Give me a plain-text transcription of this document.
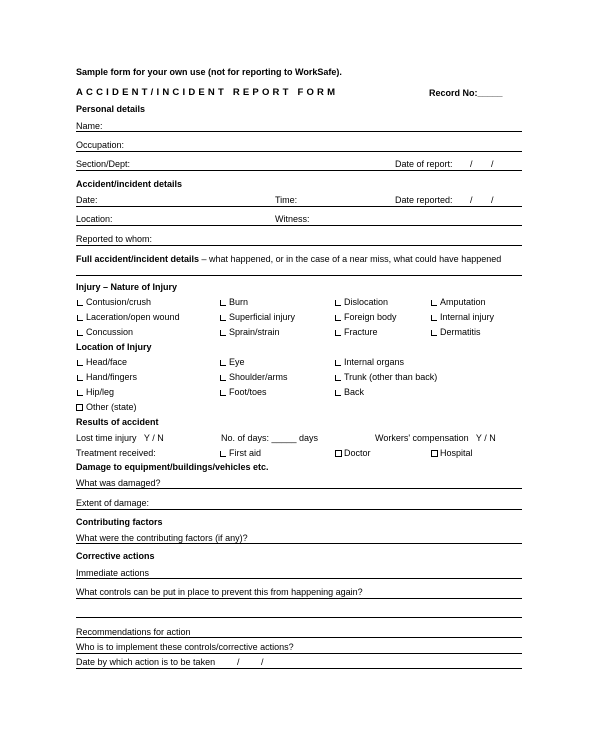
Sample form for your own use (not for reporting to WorkSafe).
ACCIDENT/INCIDENT REPORT FORM	Record No:_____
Personal details
Name:
Occupation:
Section/Dept:	Date of report: / /
Accident/incident details
Date:	Time:	Date reported: / /
Location:	Witness:
Reported to whom:
Full accident/incident details – what happened, or in the case of a near miss, what could have happened
Injury – Nature of Injury
Contusion/crush	Burn	Dislocation	Amputation
Laceration/open wound	Superficial injury	Foreign body	Internal injury
Concussion	Sprain/strain	Fracture	Dermatitis
Location of Injury
Head/face	Eye	Internal organs
Hand/fingers	Shoulder/arms	Trunk (other than back)
Hip/leg	Foot/toes	Back
Other (state)
Results of accident
Lost time injury   Y / N	No. of days: _____ days	Workers' compensation   Y / N
Treatment received:	First aid	Doctor	Hospital
Damage to equipment/buildings/vehicles etc.
What was damaged?
Extent of damage:
Contributing factors
What were the contributing factors (if any)?
Corrective actions
Immediate actions
What controls can be put in place to prevent this from happening again?
Recommendations for action
Who is to implement these controls/corrective actions?
Date by which action is to be taken / /
